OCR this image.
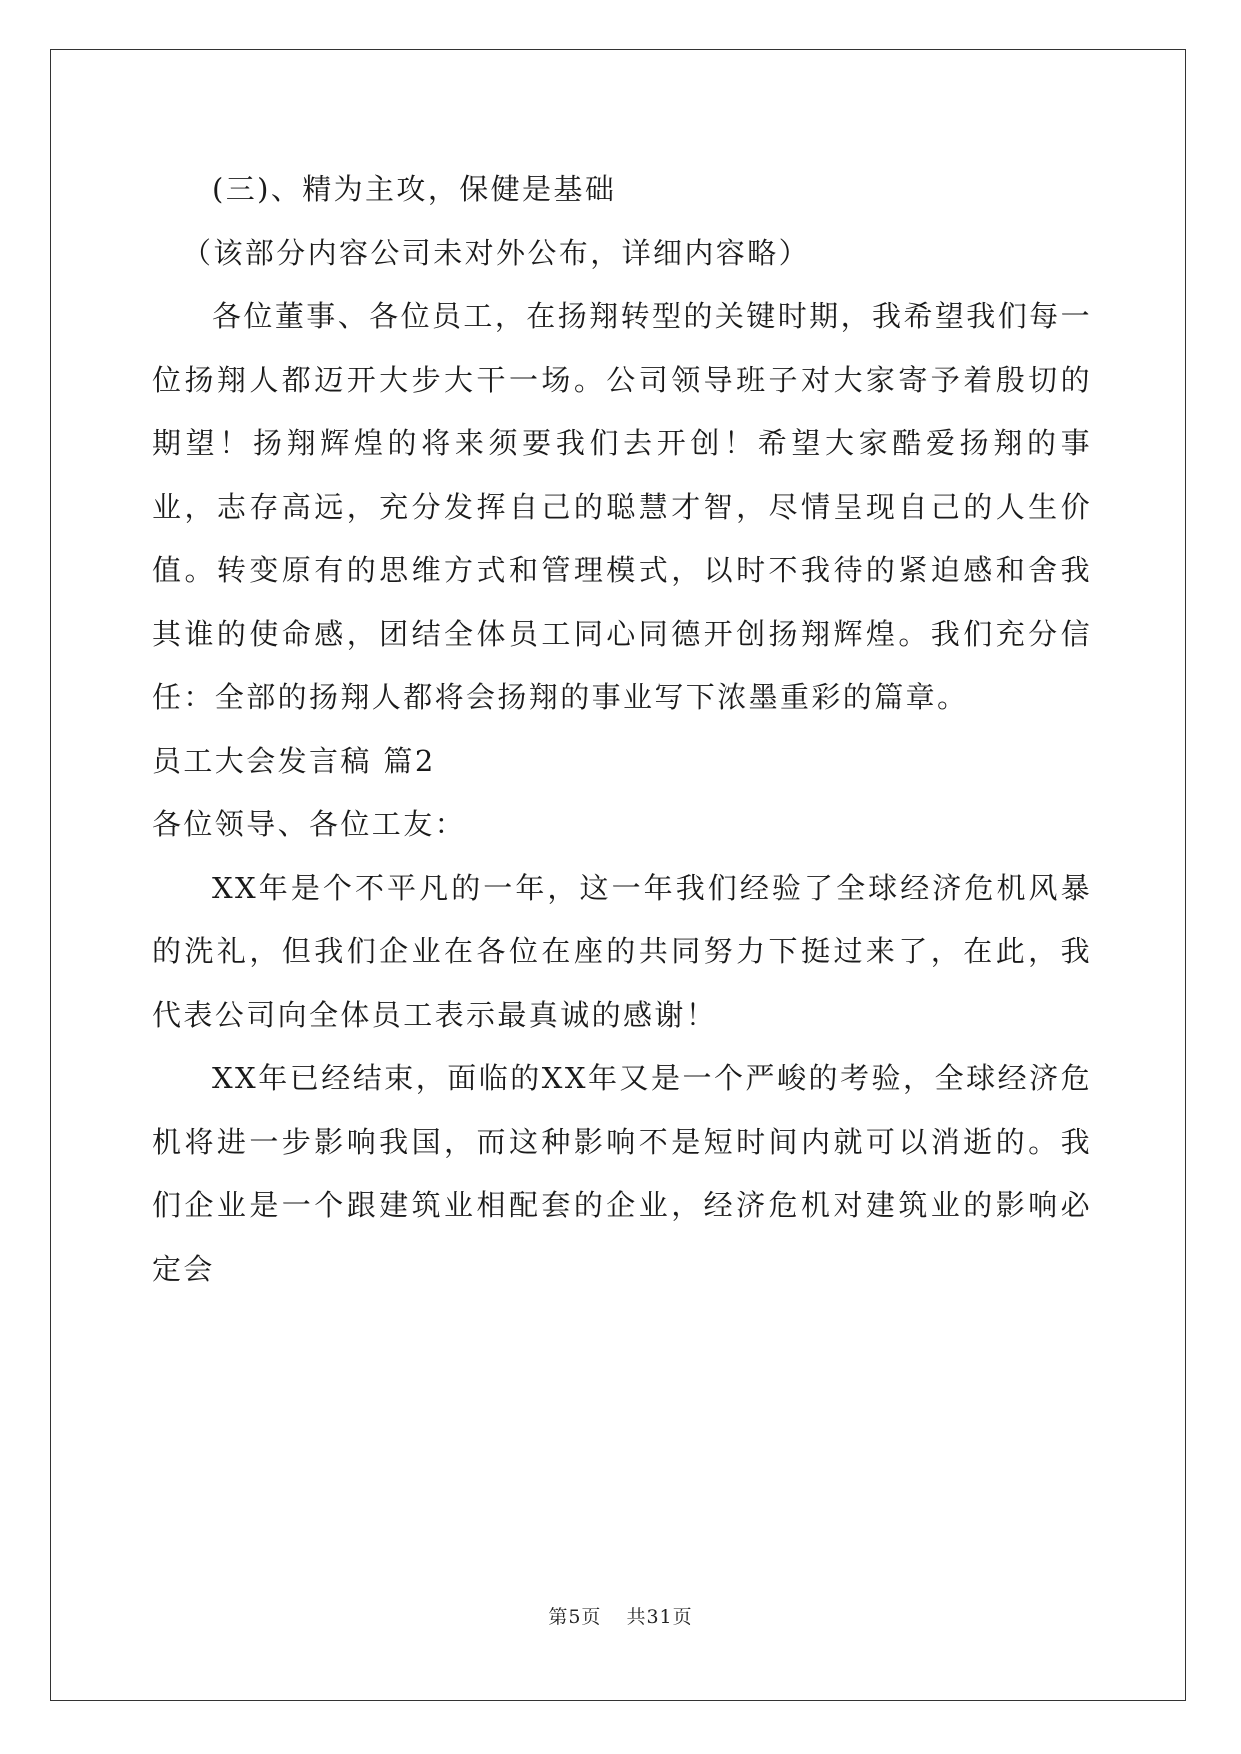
(三)、精为主攻，保健是基础

（该部分内容公司未对外公布，详细内容略）

各位董事、各位员工，在扬翔转型的关键时期，我希望我们每一位扬翔人都迈开大步大干一场。公司领导班子对大家寄予着殷切的期望！扬翔辉煌的将来须要我们去开创！希望大家酷爱扬翔的事业，志存高远，充分发挥自己的聪慧才智，尽情呈现自己的人生价值。转变原有的思维方式和管理模式，以时不我待的紧迫感和舍我其谁的使命感，团结全体员工同心同德开创扬翔辉煌。我们充分信任：全部的扬翔人都将会扬翔的事业写下浓墨重彩的篇章。

员工大会发言稿 篇2

各位领导、各位工友：

XX年是个不平凡的一年，这一年我们经验了全球经济危机风暴的洗礼，但我们企业在各位在座的共同努力下挺过来了，在此，我代表公司向全体员工表示最真诚的感谢！

XX年已经结束，面临的XX年又是一个严峻的考验，全球经济危机将进一步影响我国，而这种影响不是短时间内就可以消逝的。我们企业是一个跟建筑业相配套的企业，经济危机对建筑业的影响必定会

第5页 共31页
